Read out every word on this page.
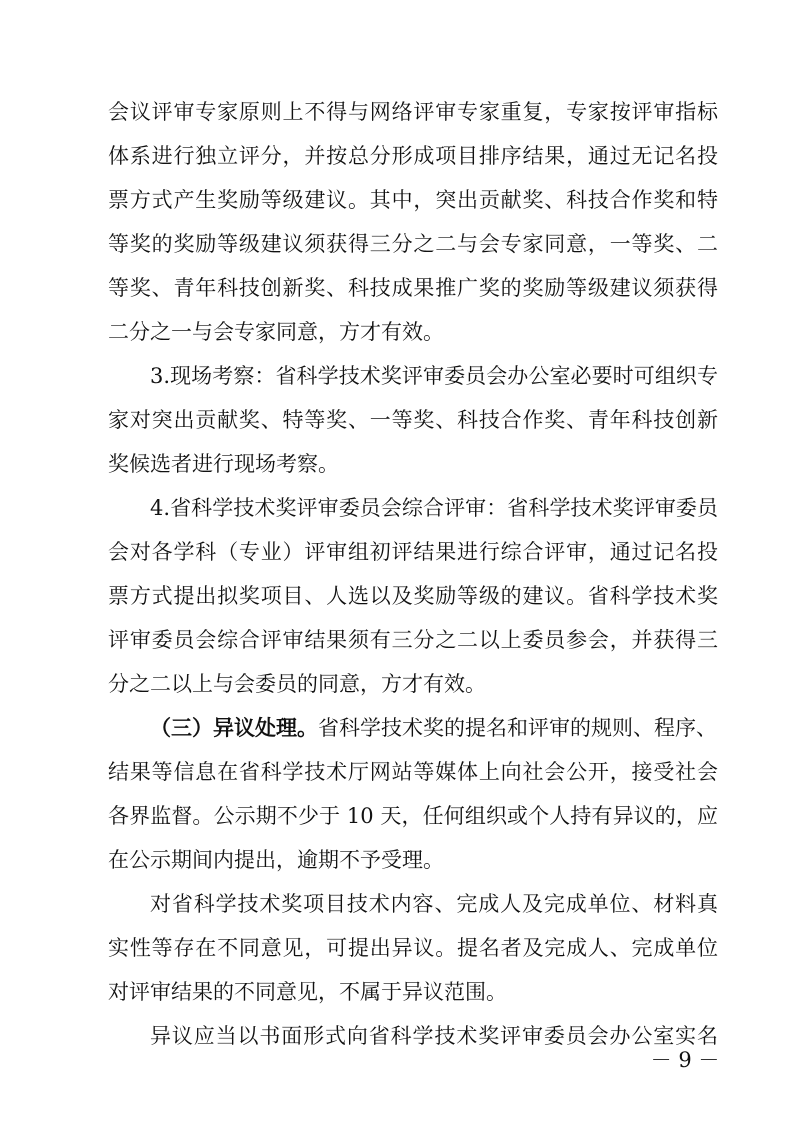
会议评审专家原则上不得与网络评审专家重复，专家按评审指标
体系进行独立评分，并按总分形成项目排序结果，通过无记名投
票方式产生奖励等级建议。其中，突出贡献奖、科技合作奖和特
等奖的奖励等级建议须获得三分之二与会专家同意，一等奖、二
等奖、青年科技创新奖、科技成果推广奖的奖励等级建议须获得
二分之一与会专家同意，方才有效。
3.现场考察：省科学技术奖评审委员会办公室必要时可组织专
家对突出贡献奖、特等奖、一等奖、科技合作奖、青年科技创新
奖候选者进行现场考察。
4.省科学技术奖评审委员会综合评审：省科学技术奖评审委员
会对各学科（专业）评审组初评结果进行综合评审，通过记名投
票方式提出拟奖项目、人选以及奖励等级的建议。省科学技术奖
评审委员会综合评审结果须有三分之二以上委员参会，并获得三
分之二以上与会委员的同意，方才有效。
（三）异议处理。省科学技术奖的提名和评审的规则、程序、
结果等信息在省科学技术厅网站等媒体上向社会公开，接受社会
各界监督。公示期不少于 10 天，任何组织或个人持有异议的，应
在公示期间内提出，逾期不予受理。
对省科学技术奖项目技术内容、完成人及完成单位、材料真
实性等存在不同意见，可提出异议。提名者及完成人、完成单位
对评审结果的不同意见，不属于异议范围。
异议应当以书面形式向省科学技术奖评审委员会办公室实名
－ 9 －
